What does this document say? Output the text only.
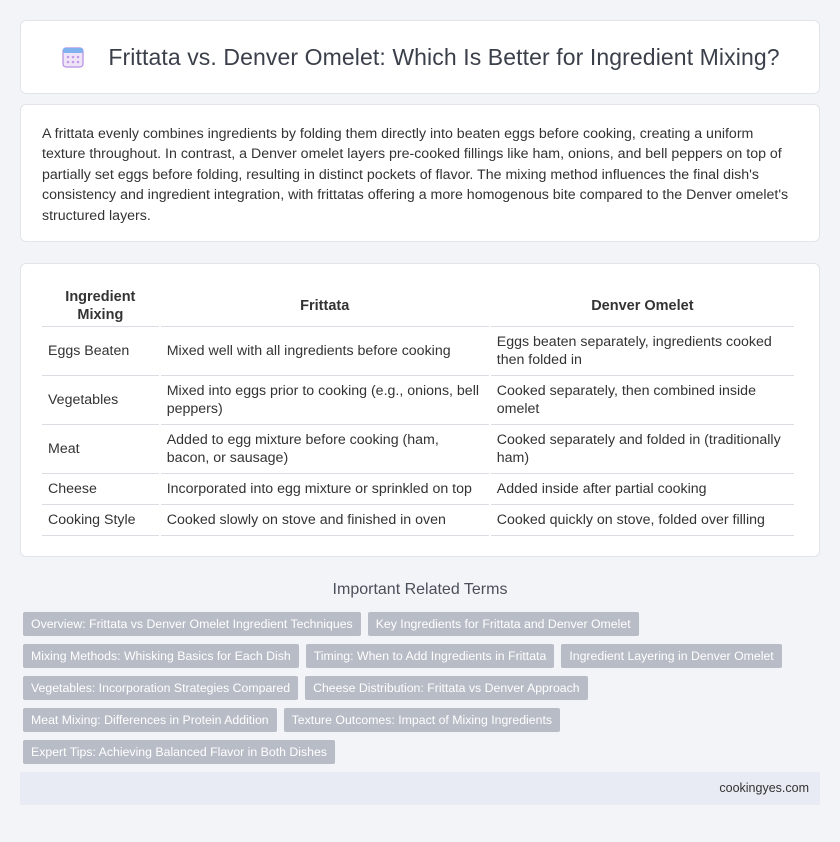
Frittata vs. Denver Omelet: Which Is Better for Ingredient Mixing?

A frittata evenly combines ingredients by folding them directly into beaten eggs before cooking, creating a uniform texture throughout. In contrast, a Denver omelet layers pre-cooked fillings like ham, onions, and bell peppers on top of partially set eggs before folding, resulting in distinct pockets of flavor. The mixing method influences the final dish's consistency and ingredient integration, with frittatas offering a more homogenous bite compared to the Denver omelet's structured layers.

Ingredient Mixing	Frittata	Denver Omelet
Eggs Beaten	Mixed well with all ingredients before cooking	Eggs beaten separately, ingredients cooked then folded in
Vegetables	Mixed into eggs prior to cooking (e.g., onions, bell peppers)	Cooked separately, then combined inside omelet
Meat	Added to egg mixture before cooking (ham, bacon, or sausage)	Cooked separately and folded in (traditionally ham)
Cheese	Incorporated into egg mixture or sprinkled on top	Added inside after partial cooking
Cooking Style	Cooked slowly on stove and finished in oven	Cooked quickly on stove, folded over filling
Important Related Terms
Overview: Frittata vs Denver Omelet Ingredient Techniques	Key Ingredients for Frittata and Denver Omelet
Mixing Methods: Whisking Basics for Each Dish	Timing: When to Add Ingredients in Frittata	Ingredient Layering in Denver Omelet
Vegetables: Incorporation Strategies Compared	Cheese Distribution: Frittata vs Denver Approach
Meat Mixing: Differences in Protein Addition	Texture Outcomes: Impact of Mixing Ingredients
Expert Tips: Achieving Balanced Flavor in Both Dishes
cookingyes.com
